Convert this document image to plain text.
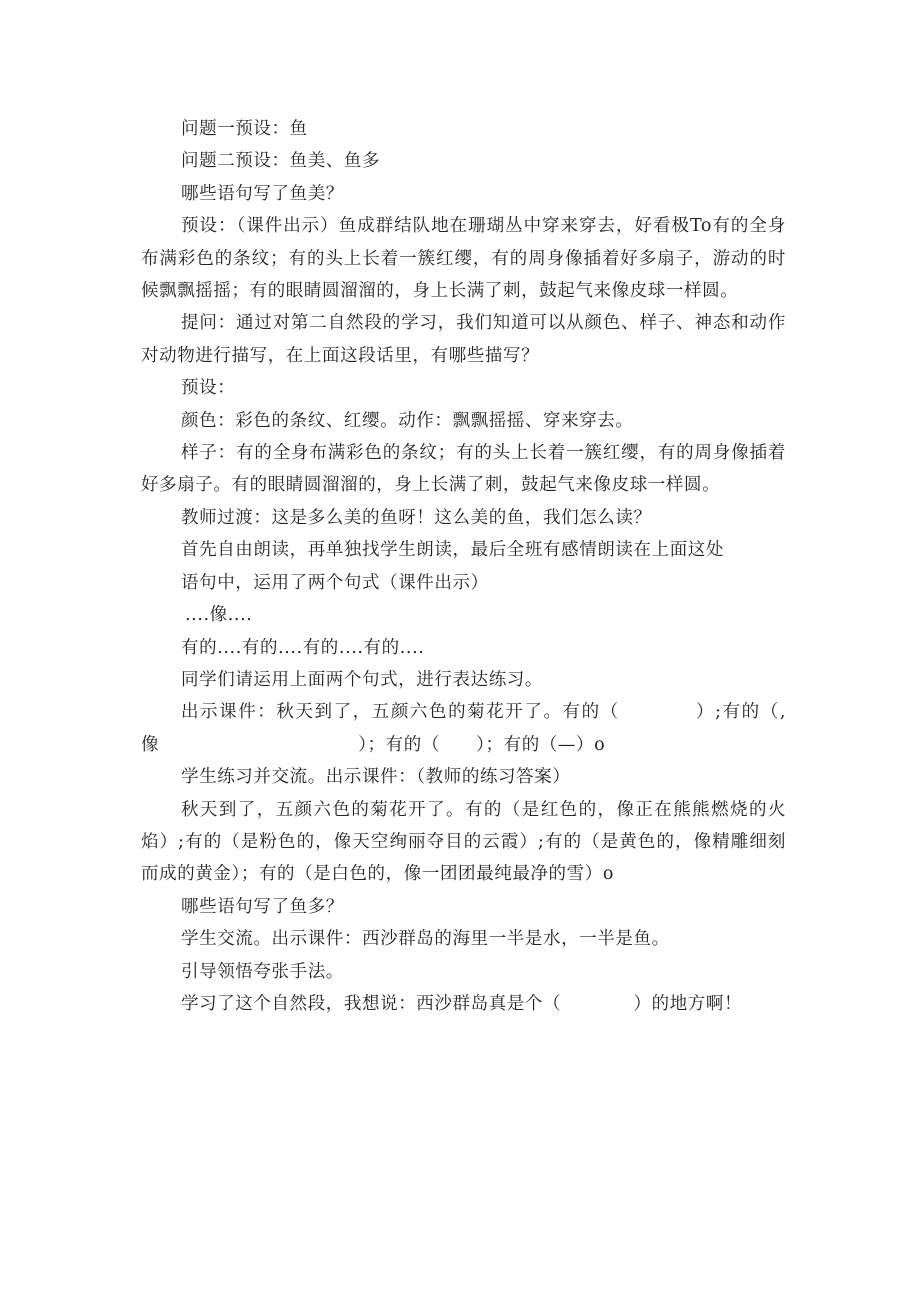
问题一预设：鱼

问题二预设：鱼美、鱼多

哪些语句写了鱼美？

预设：（课件出示）鱼成群结队地在珊瑚丛中穿来穿去，好看极To有的全身布满彩色的条纹；有的头上长着一簇红缨，有的周身像插着好多扇子，游动的时候飘飘摇摇；有的眼睛圆溜溜的，身上长满了刺，鼓起气来像皮球一样圆。

提问：通过对第二自然段的学习，我们知道可以从颜色、样子、神态和动作对动物进行描写，在上面这段话里，有哪些描写？

预设：

颜色：彩色的条纹、红缨。动作：飘飘摇摇、穿来穿去。

样子：有的全身布满彩色的条纹；有的头上长着一簇红缨，有的周身像插着好多扇子。有的眼睛圆溜溜的，身上长满了刺，鼓起气来像皮球一样圆。

教师过渡：这是多么美的鱼呀！这么美的鱼，我们怎么读？

首先自由朗读，再单独找学生朗读，最后全班有感情朗读在上面这处

语句中，运用了两个句式（课件出示）

....像....

有的....有的....有的....有的....

同学们请运用上面两个句式，进行表达练习。

出示课件：秋天到了，五颜六色的菊花开了。有的（　　　　）;有的（,像　　　　　　　　　　　）；有的（　　）；有的（—）o

学生练习并交流。出示课件：（教师的练习答案）

秋天到了，五颜六色的菊花开了。有的（是红色的，像正在熊熊燃烧的火焰）;有的（是粉色的，像天空绚丽夺目的云霞）;有的（是黄色的，像精雕细刻而成的黄金）；有的（是白色的，像一团团最纯最净的雪）o

哪些语句写了鱼多？

学生交流。出示课件：西沙群岛的海里一半是水，一半是鱼。

引导领悟夸张手法。

学习了这个自然段，我想说：西沙群岛真是个（　　　　）的地方啊！
